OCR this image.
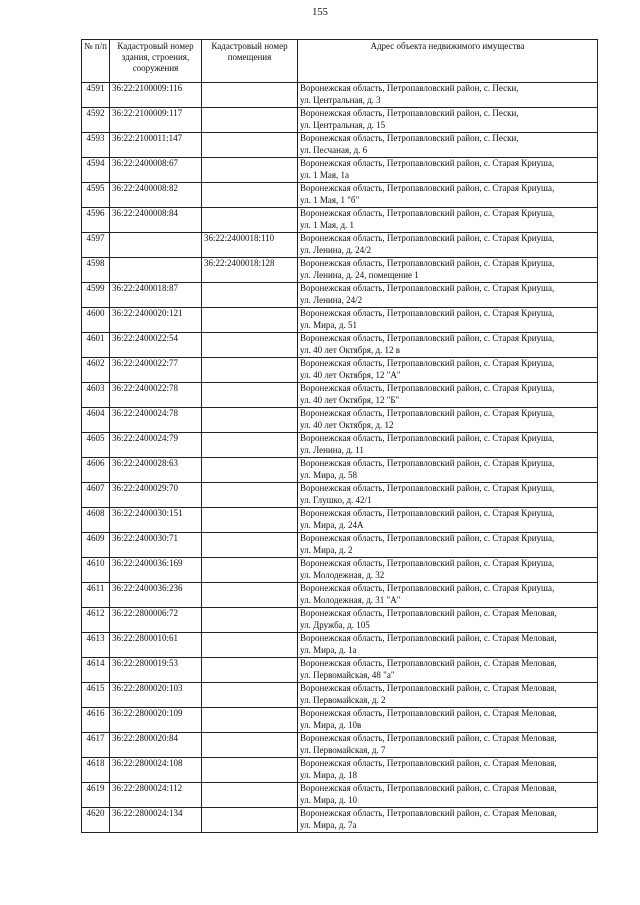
155
№ п/п	Кадастровый номер здания, строения, сооружения	Кадастровый номер помещения	Адрес объекта недвижимого имущества
4591	36:22:2100009:116		Воронежская область, Петропавловский район, с. Пески,
ул. Центральная, д. 3

4592	36:22:2100009:117		Воронежская область, Петропавловский район, с. Пески,
ул. Центральная, д. 15

4593	36:22:2100011:147		Воронежская область, Петропавловский район, с. Пески,
ул. Песчаная, д. 6

4594	36:22:2400008:67		Воронежская область, Петропавловский район, с. Старая Криуша,
ул. 1 Мая, 1а

4595	36:22:2400008:82		Воронежская область, Петропавловский район, с. Старая Криуша,
ул. 1 Мая, 1 "б"

4596	36:22:2400008:84		Воронежская область, Петропавловский район, с. Старая Криуша,
ул. 1 Мая, д. 1

4597		36:22:2400018:110	Воронежская область, Петропавловский район, с. Старая Криуша,
ул. Ленина, д. 24/2

4598		36:22:2400018:128	Воронежская область, Петропавловский район, с. Старая Криуша,
ул. Ленина, д. 24, помещение 1

4599	36:22:2400018:87		Воронежская область, Петропавловский район, с. Старая Криуша,
ул. Ленина, 24/2

4600	36:22:2400020:121		Воронежская область, Петропавловский район, с. Старая Криуша,
ул. Мира, д. 51

4601	36:22:2400022:54		Воронежская область, Петропавловский район, с. Старая Криуша,
ул. 40 лет Октября, д. 12 в

4602	36:22:2400022:77		Воронежская область, Петропавловский район, с. Старая Криуша,
ул. 40 лет Октября, 12 "А"

4603	36:22:2400022:78		Воронежская область, Петропавловский район, с. Старая Криуша,
ул. 40 лет Октября, 12 "Б"

4604	36:22:2400024:78		Воронежская область, Петропавловский район, с. Старая Криуша,
ул. 40 лет Октября, д. 12

4605	36:22:2400024:79		Воронежская область, Петропавловский район, с. Старая Криуша,
ул. Ленина, д. 11

4606	36:22:2400028:63		Воронежская область, Петропавловский район, с. Старая Криуша,
ул. Мира, д. 58

4607	36:22:2400029:70		Воронежская область, Петропавловский район, с. Старая Криуша,
ул. Глушко, д. 42/1

4608	36:22:2400030:151		Воронежская область, Петропавловский район, с. Старая Криуша,
ул. Мира, д. 24А

4609	36:22:2400030:71		Воронежская область, Петропавловский район, с. Старая Криуша,
ул. Мира, д. 2

4610	36:22:2400036:169		Воронежская область, Петропавловский район, с. Старая Криуша,
ул. Молодежная, д. 32

4611	36:22:2400036:236		Воронежская область, Петропавловский район, с. Старая Криуша,
ул. Молодежная, д. 31 "А"

4612	36:22:2800006:72		Воронежская область, Петропавловский район, с. Старая Меловая,
ул. Дружба, д. 105

4613	36:22:2800010:61		Воронежская область, Петропавловский район, с. Старая Меловая,
ул. Мира, д. 1а

4614	36:22:2800019:53		Воронежская область, Петропавловский район, с. Старая Меловая,
ул. Первомайская, 48 "а"

4615	36:22:2800020:103		Воронежская область, Петропавловский район, с. Старая Меловая,
ул. Первомайская, д. 2

4616	36:22:2800020:109		Воронежская область, Петропавловский район, с. Старая Меловая,
ул. Мира, д. 10в

4617	36:22:2800020:84		Воронежская область, Петропавловский район, с. Старая Меловая,
ул. Первомайская, д. 7

4618	36:22:2800024:108		Воронежская область, Петропавловский район, с. Старая Меловая,
ул. Мира, д. 18

4619	36:22:2800024:112		Воронежская область, Петропавловский район, с. Старая Меловая,
ул. Мира, д. 10

4620	36:22:2800024:134		Воронежская область, Петропавловский район, с. Старая Меловая,
ул. Мира, д. 7а
